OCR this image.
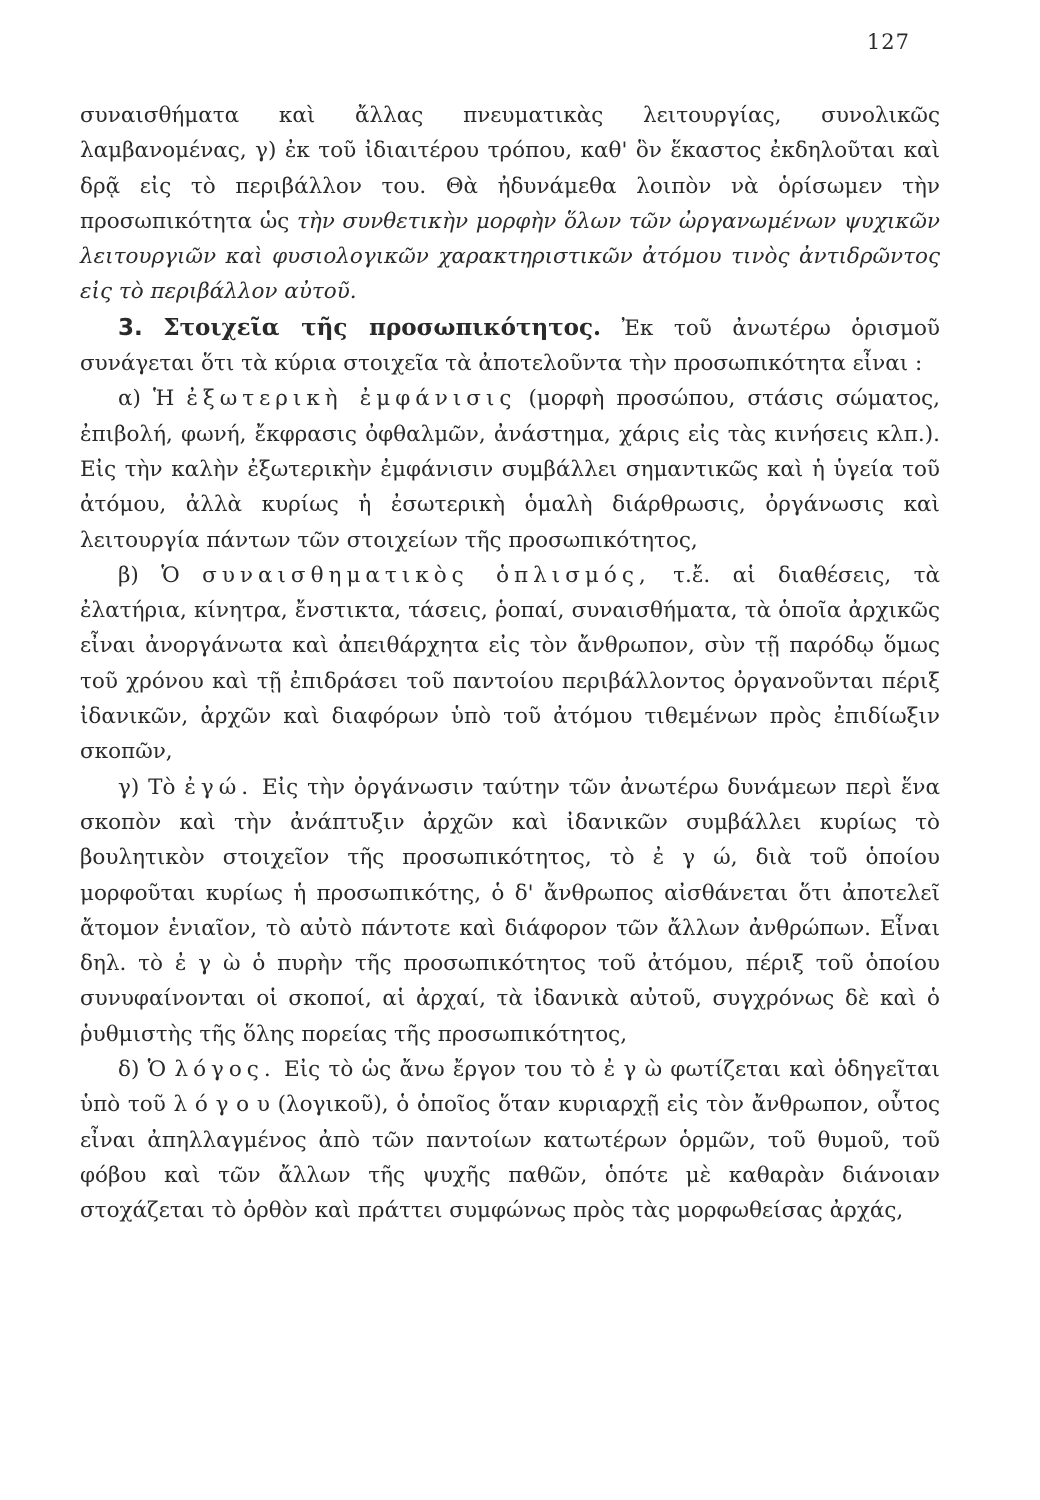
127

συναισθήματα καὶ ἄλλας πνευματικὰς λειτουργίας, συνολικῶς λαμβανομένας, γ) ἐκ τοῦ ἰδιαιτέρου τρόπου, καθ' ὃν ἕκαστος ἐκδηλοῦται καὶ δρᾷ εἰς τὸ περιβάλλον του. Θὰ ἠδυνάμεθα λοιπὸν νὰ ὁρίσωμεν τὴν προσωπικότητα ὡς τὴν συνθετικὴν μορφὴν ὅλων τῶν ὠργανωμένων ψυχικῶν λειτουργιῶν καὶ φυσιολογικῶν χαρακτηριστικῶν ἀτόμου τινὸς ἀντιδρῶντος εἰς τὸ περιβάλλον αὐτοῦ.

3. Στοιχεῖα τῆς προσωπικότητος. Ἐκ τοῦ ἀνωτέρω ὁρισμοῦ συνάγεται ὅτι τὰ κύρια στοιχεῖα τὰ ἀποτελοῦντα τὴν προσωπικότητα εἶναι :

α) Ἡ ἐξωτερικὴ ἐμφάνισις (μορφὴ προσώπου, στάσις σώματος, ἐπιβολή, φωνή, ἔκφρασις ὀφθαλμῶν, ἀνάστημα, χάρις εἰς τὰς κινήσεις κλπ.). Εἰς τὴν καλὴν ἐξωτερικὴν ἐμφάνισιν συμβάλλει σημαντικῶς καὶ ἡ ὑγεία τοῦ ἀτόμου, ἀλλὰ κυρίως ἡ ἐσωτερικὴ ὁμαλὴ διάρθρωσις, ὀργάνωσις καὶ λειτουργία πάντων τῶν στοιχείων τῆς προσωπικότητος,

β) Ὁ συναισθηματικὸς ὁπλισμός, τ.ἔ. αἱ διαθέσεις, τὰ ἐλατήρια, κίνητρα, ἔνστικτα, τάσεις, ῥοπαί, συναισθήματα, τὰ ὁποῖα ἀρχικῶς εἶναι ἀνοργάνωτα καὶ ἀπειθάρχητα εἰς τὸν ἄνθρωπον, σὺν τῇ παρόδῳ ὅμως τοῦ χρόνου καὶ τῇ ἐπιδράσει τοῦ παντοίου περιβάλλοντος ὀργανοῦνται πέριξ ἰδανικῶν, ἀρχῶν καὶ διαφόρων ὑπὸ τοῦ ἀτόμου τιθεμένων πρὸς ἐπιδίωξιν σκοπῶν,

γ) Τὸ ἐγώ. Εἰς τὴν ὀργάνωσιν ταύτην τῶν ἀνωτέρω δυνάμεων περὶ ἕνα σκοπὸν καὶ τὴν ἀνάπτυξιν ἀρχῶν καὶ ἰδανικῶν συμβάλλει κυρίως τὸ βουλητικὸν στοιχεῖον τῆς προσωπικότητος, τὸ ἐ γ ώ, διὰ τοῦ ὁποίου μορφοῦται κυρίως ἡ προσωπικότης, ὁ δ' ἄνθρωπος αἰσθάνεται ὅτι ἀποτελεῖ ἄτομον ἑνιαῖον, τὸ αὐτὸ πάντοτε καὶ διάφορον τῶν ἄλλων ἀνθρώπων. Εἶναι δηλ. τὸ ἐ γ ὼ ὁ πυρὴν τῆς προσωπικότητος τοῦ ἀτόμου, πέριξ τοῦ ὁποίου συνυφαίνονται οἱ σκοποί, αἱ ἀρχαί, τὰ ἰδανικὰ αὐτοῦ, συγχρόνως δὲ καὶ ὁ ῥυθμιστὴς τῆς ὅλης πορείας τῆς προσωπικότητος,

δ) Ὁ λόγος. Εἰς τὸ ὡς ἄνω ἔργον του τὸ ἐ γ ὼ φωτίζεται καὶ ὁδηγεῖται ὑπὸ τοῦ λ ό γ ο υ (λογικοῦ), ὁ ὁποῖος ὅταν κυριαρχῇ εἰς τὸν ἄνθρωπον, οὗτος εἶναι ἀπηλλαγμένος ἀπὸ τῶν παντοίων κατωτέρων ὁρμῶν, τοῦ θυμοῦ, τοῦ φόβου καὶ τῶν ἄλλων τῆς ψυχῆς παθῶν, ὁπότε μὲ καθαρὰν διάνοιαν στοχάζεται τὸ ὀρθὸν καὶ πράττει συμφώνως πρὸς τὰς μορφωθείσας ἀρχάς,
